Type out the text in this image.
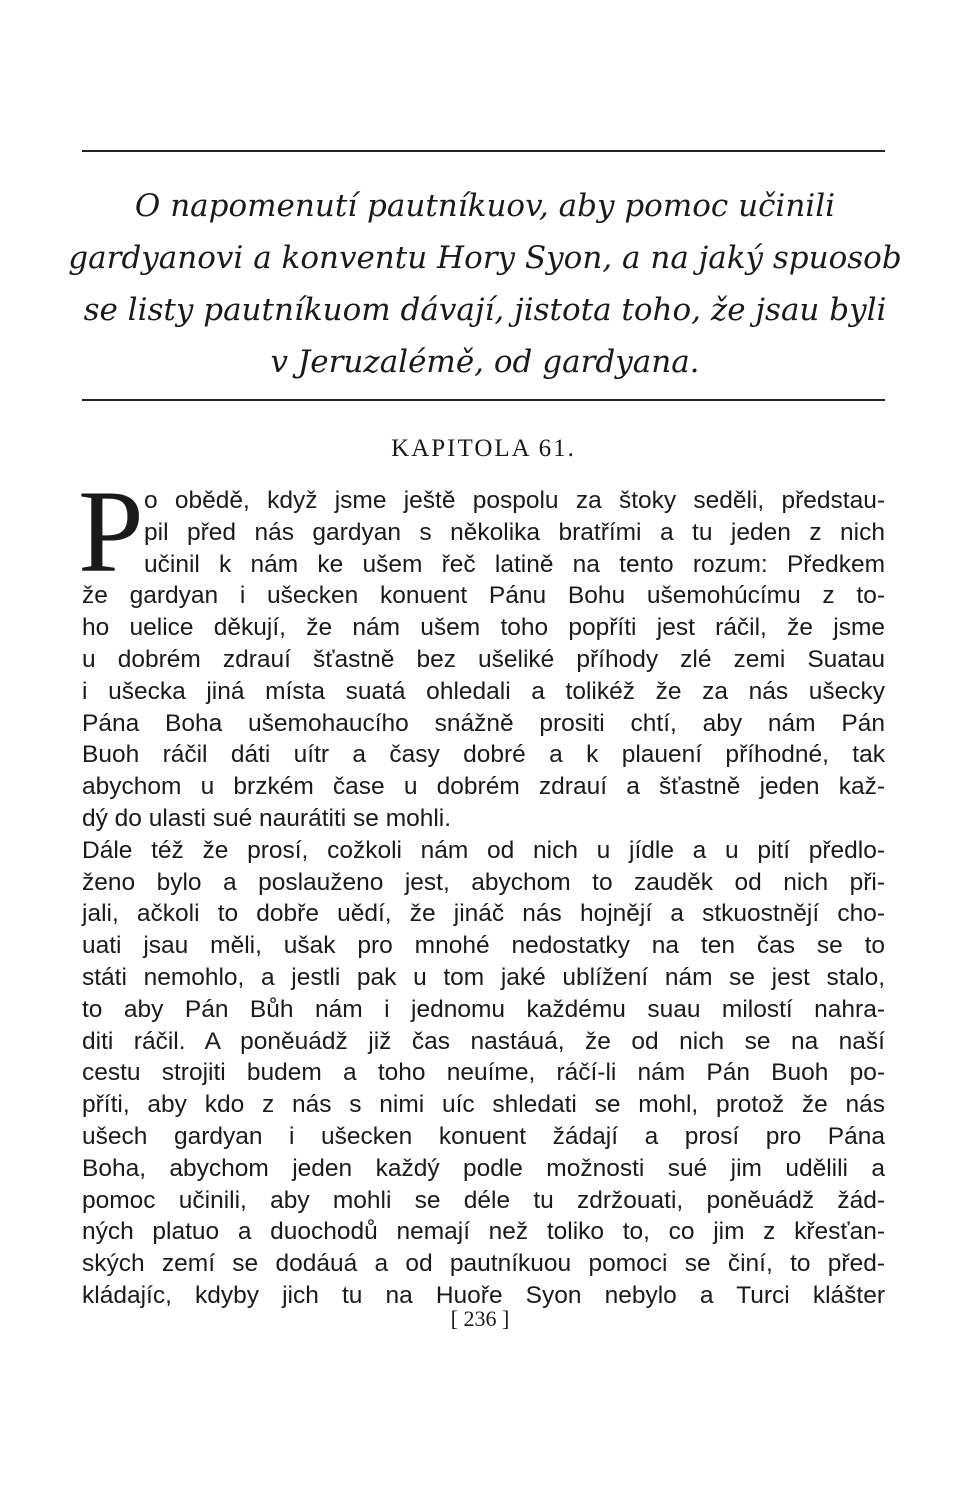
O napomenutí pautníkuov, aby pomoc učinili
gardyanovi a konventu Hory Syon, a na jaký spuosob
se listy pautníkuom dávají, jistota toho, že jsau byli
v Jeruzalémě, od gardyana.
KAPITOLA 61.
P o obědě, když jsme ještě pospolu za štoky seděli, předstau-
pil před nás gardyan s několika bratřími a tu jeden z nich
učinil k nám ke ušem řeč latině na tento rozum: Předkem
že gardyan i ušecken konuent Pánu Bohu ušemohúcímu z to-
ho uelice děkují, že nám ušem toho popříti jest ráčil, že jsme
u dobrém zdrauí šťastně bez ušeliké příhody zlé zemi Suatau
i ušecka jiná místa suatá ohledali a tolikéž že za nás ušecky
Pána Boha ušemohaucího snážně prositi chtí, aby nám Pán
Buoh ráčil dáti uítr a časy dobré a k plauení příhodné, tak
abychom u brzkém čase u dobrém zdrauí a šťastně jeden kaž-
dý do ulasti sué naurátiti se mohli.
Dále též že prosí, cožkoli nám od nich u jídle a u pití předlo-
ženo bylo a poslauženo jest, abychom to zauděk od nich při-
jali, ačkoli to dobře uědí, že jináč nás hojnějí a stkuostnějí cho-
uati jsau měli, ušak pro mnohé nedostatky na ten čas se to
státi nemohlo, a jestli pak u tom jaké ublížení nám se jest stalo,
to aby Pán Bůh nám i jednomu každému suau milostí nahra-
diti ráčil. A poněuádž již čas nastáuá, že od nich se na naší
cestu strojiti budem a toho neuíme, ráčí-li nám Pán Buoh po-
příti, aby kdo z nás s nimi uíc shledati se mohl, protož že nás
ušech gardyan i ušecken konuent žádají a prosí pro Pána
Boha, abychom jeden každý podle možnosti sué jim udělili a
pomoc učinili, aby mohli se déle tu zdržouati, poněuádž žád-
ných platuo a duochodů nemají než toliko to, co jim z křesťan-
ských zemí se dodáuá a od pautníkuou pomoci se činí, to před-
kládajíc, kdyby jich tu na Huoře Syon nebylo a Turci klášter
[ 236 ]
